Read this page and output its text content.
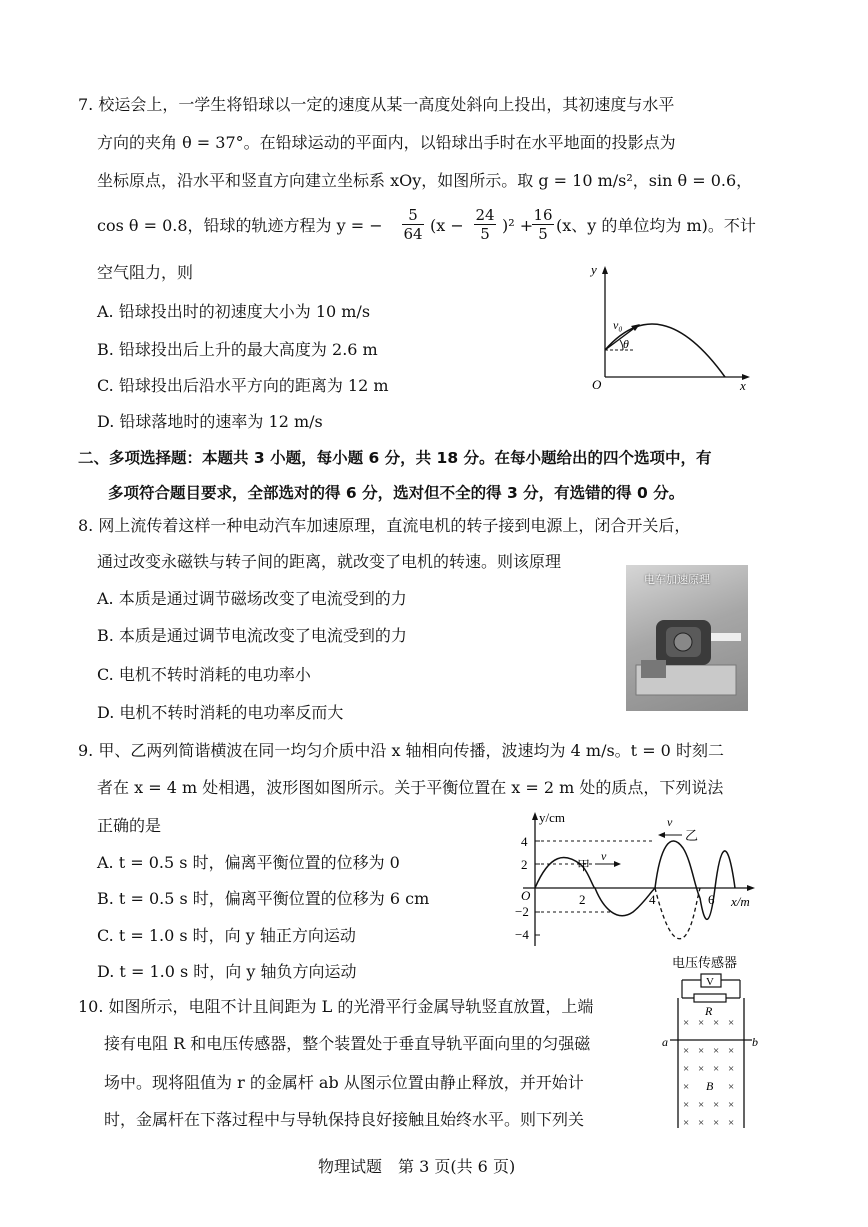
7. 校运会上，一学生将铅球以一定的速度从某一高度处斜向上投出，其初速度与水平
方向的夹角 θ = 37°。在铅球运动的平面内，以铅球出手时在水平地面的投影点为
坐标原点，沿水平和竖直方向建立坐标系 xOy，如图所示。取 g = 10 m/s²，sin θ = 0.6，
cos θ = 0.8，铅球的轨迹方程为 y = − $\frac{5}{64} (x - \frac{24}{5} )^2$ +
$\frac{16}{5} (x$、y 的单位均为 m)。不计
空气阻力，则
A. 铅球投出时的初速度大小为 10 m/s
B. 铅球投出后上升的最大高度为 2.6 m
C. 铅球投出后沿水平方向的距离为 12 m
D. 铅球落地时的速率为 12 m/s
y
x
O
v₀
θ
二、多项选择题：本题共 3 小题，每小题 6 分，共 18 分。在每小题给出的四个选项中，有
多项符合题目要求，全部选对的得 6 分，选对但不全的得 3 分，有选错的得 0 分。
8. 网上流传着这样一种电动汽车加速原理，直流电机的转子接到电源上，闭合开关后，
通过改变永磁铁与转子间的距离，就改变了电机的转速。则该原理
A. 本质是通过调节磁场改变了电流受到的力
B. 本质是通过调节电流改变了电流受到的力
C. 电机不转时消耗的电功率小
D. 电机不转时消耗的电功率反而大
电车加速原理
9. 甲、乙两列简谐横波在同一均匀介质中沿 x 轴相向传播，波速均为 4 m/s。t = 0 时刻二
者在 x = 4 m 处相遇，波形图如图所示。关于平衡位置在 x = 2 m 处的质点，下列说法
正确的是
A. t = 0.5 s 时，偏离平衡位置的位移为 0
B. t = 0.5 s 时，偏离平衡位置的位移为 6 cm
C. t = 1.0 s 时，向 y 轴正方向运动
D. t = 1.0 s 时，向 y 轴负方向运动
y/cm
x/m
O
4
2
−2
−4
2	4	6
v
甲
v
乙
10. 如图所示，电阻不计且间距为 L 的光滑平行金属导轨竖直放置，上端
接有电阻 R 和电压传感器，整个装置处于垂直导轨平面向里的匀强磁
场中。现将阻值为 r 的金属杆 ab 从图示位置由静止释放，并开始计
时，金属杆在下落过程中与导轨保持良好接触且始终水平。则下列关
电压传感器
V
R
a	b
B
× × × ×
× × × ×
× × × ×
×	×
× × × ×
× × × ×
物理试题　第 3 页(共 6 页)
